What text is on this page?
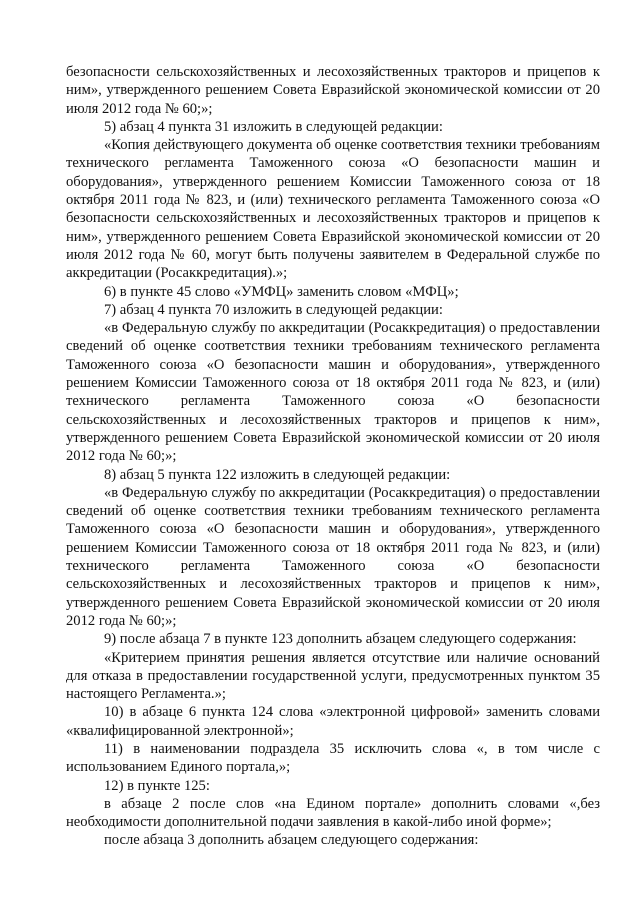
безопасности сельскохозяйственных и лесохозяйственных тракторов и прицепов к ним», утвержденного решением Совета Евразийской экономической комиссии от 20 июля 2012 года № 60;»;

5) абзац 4 пункта 31 изложить в следующей редакции:

«Копия действующего документа об оценке соответствия техники требованиям технического регламента Таможенного союза «О безопасности машин и оборудования», утвержденного решением Комиссии Таможенного союза от 18 октября 2011 года № 823, и (или) технического регламента Таможенного союза «О безопасности сельскохозяйственных и лесохозяйственных тракторов и прицепов к ним», утвержденного решением Совета Евразийской экономической комиссии от 20 июля 2012 года № 60, могут быть получены заявителем в Федеральной службе по аккредитации (Росаккредитация).»;

6) в пункте 45 слово «УМФЦ» заменить словом «МФЦ»;

7) абзац 4 пункта 70 изложить в следующей редакции:

«в Федеральную службу по аккредитации (Росаккредитация) о предоставлении сведений об оценке соответствия техники требованиям технического регламента Таможенного союза «О безопасности машин и оборудования», утвержденного решением Комиссии Таможенного союза от 18 октября 2011 года № 823, и (или) технического регламента Таможенного союза «О безопасности сельскохозяйственных и лесохозяйственных тракторов и прицепов к ним», утвержденного решением Совета Евразийской экономической комиссии от 20 июля 2012 года № 60;»;

8) абзац 5 пункта 122 изложить в следующей редакции:

«в Федеральную службу по аккредитации (Росаккредитация) о предоставлении сведений об оценке соответствия техники требованиям технического регламента Таможенного союза «О безопасности машин и оборудования», утвержденного решением Комиссии Таможенного союза от 18 октября 2011 года № 823, и (или) технического регламента Таможенного союза «О безопасности сельскохозяйственных и лесохозяйственных тракторов и прицепов к ним», утвержденного решением Совета Евразийской экономической комиссии от 20 июля 2012 года № 60;»;

9) после абзаца 7 в пункте 123 дополнить абзацем следующего содержания:

«Критерием принятия решения является отсутствие или наличие оснований для отказа в предоставлении государственной услуги, предусмотренных пунктом 35 настоящего Регламента.»;

10) в абзаце 6 пункта 124 слова «электронной цифровой» заменить словами «квалифицированной электронной»;

11) в наименовании подраздела 35 исключить слова «, в том числе с использованием Единого портала,»;

12) в пункте 125:

в абзаце 2 после слов «на Едином портале» дополнить словами «,без необходимости дополнительной подачи заявления в какой-либо иной форме»;

после абзаца 3 дополнить абзацем следующего содержания:
